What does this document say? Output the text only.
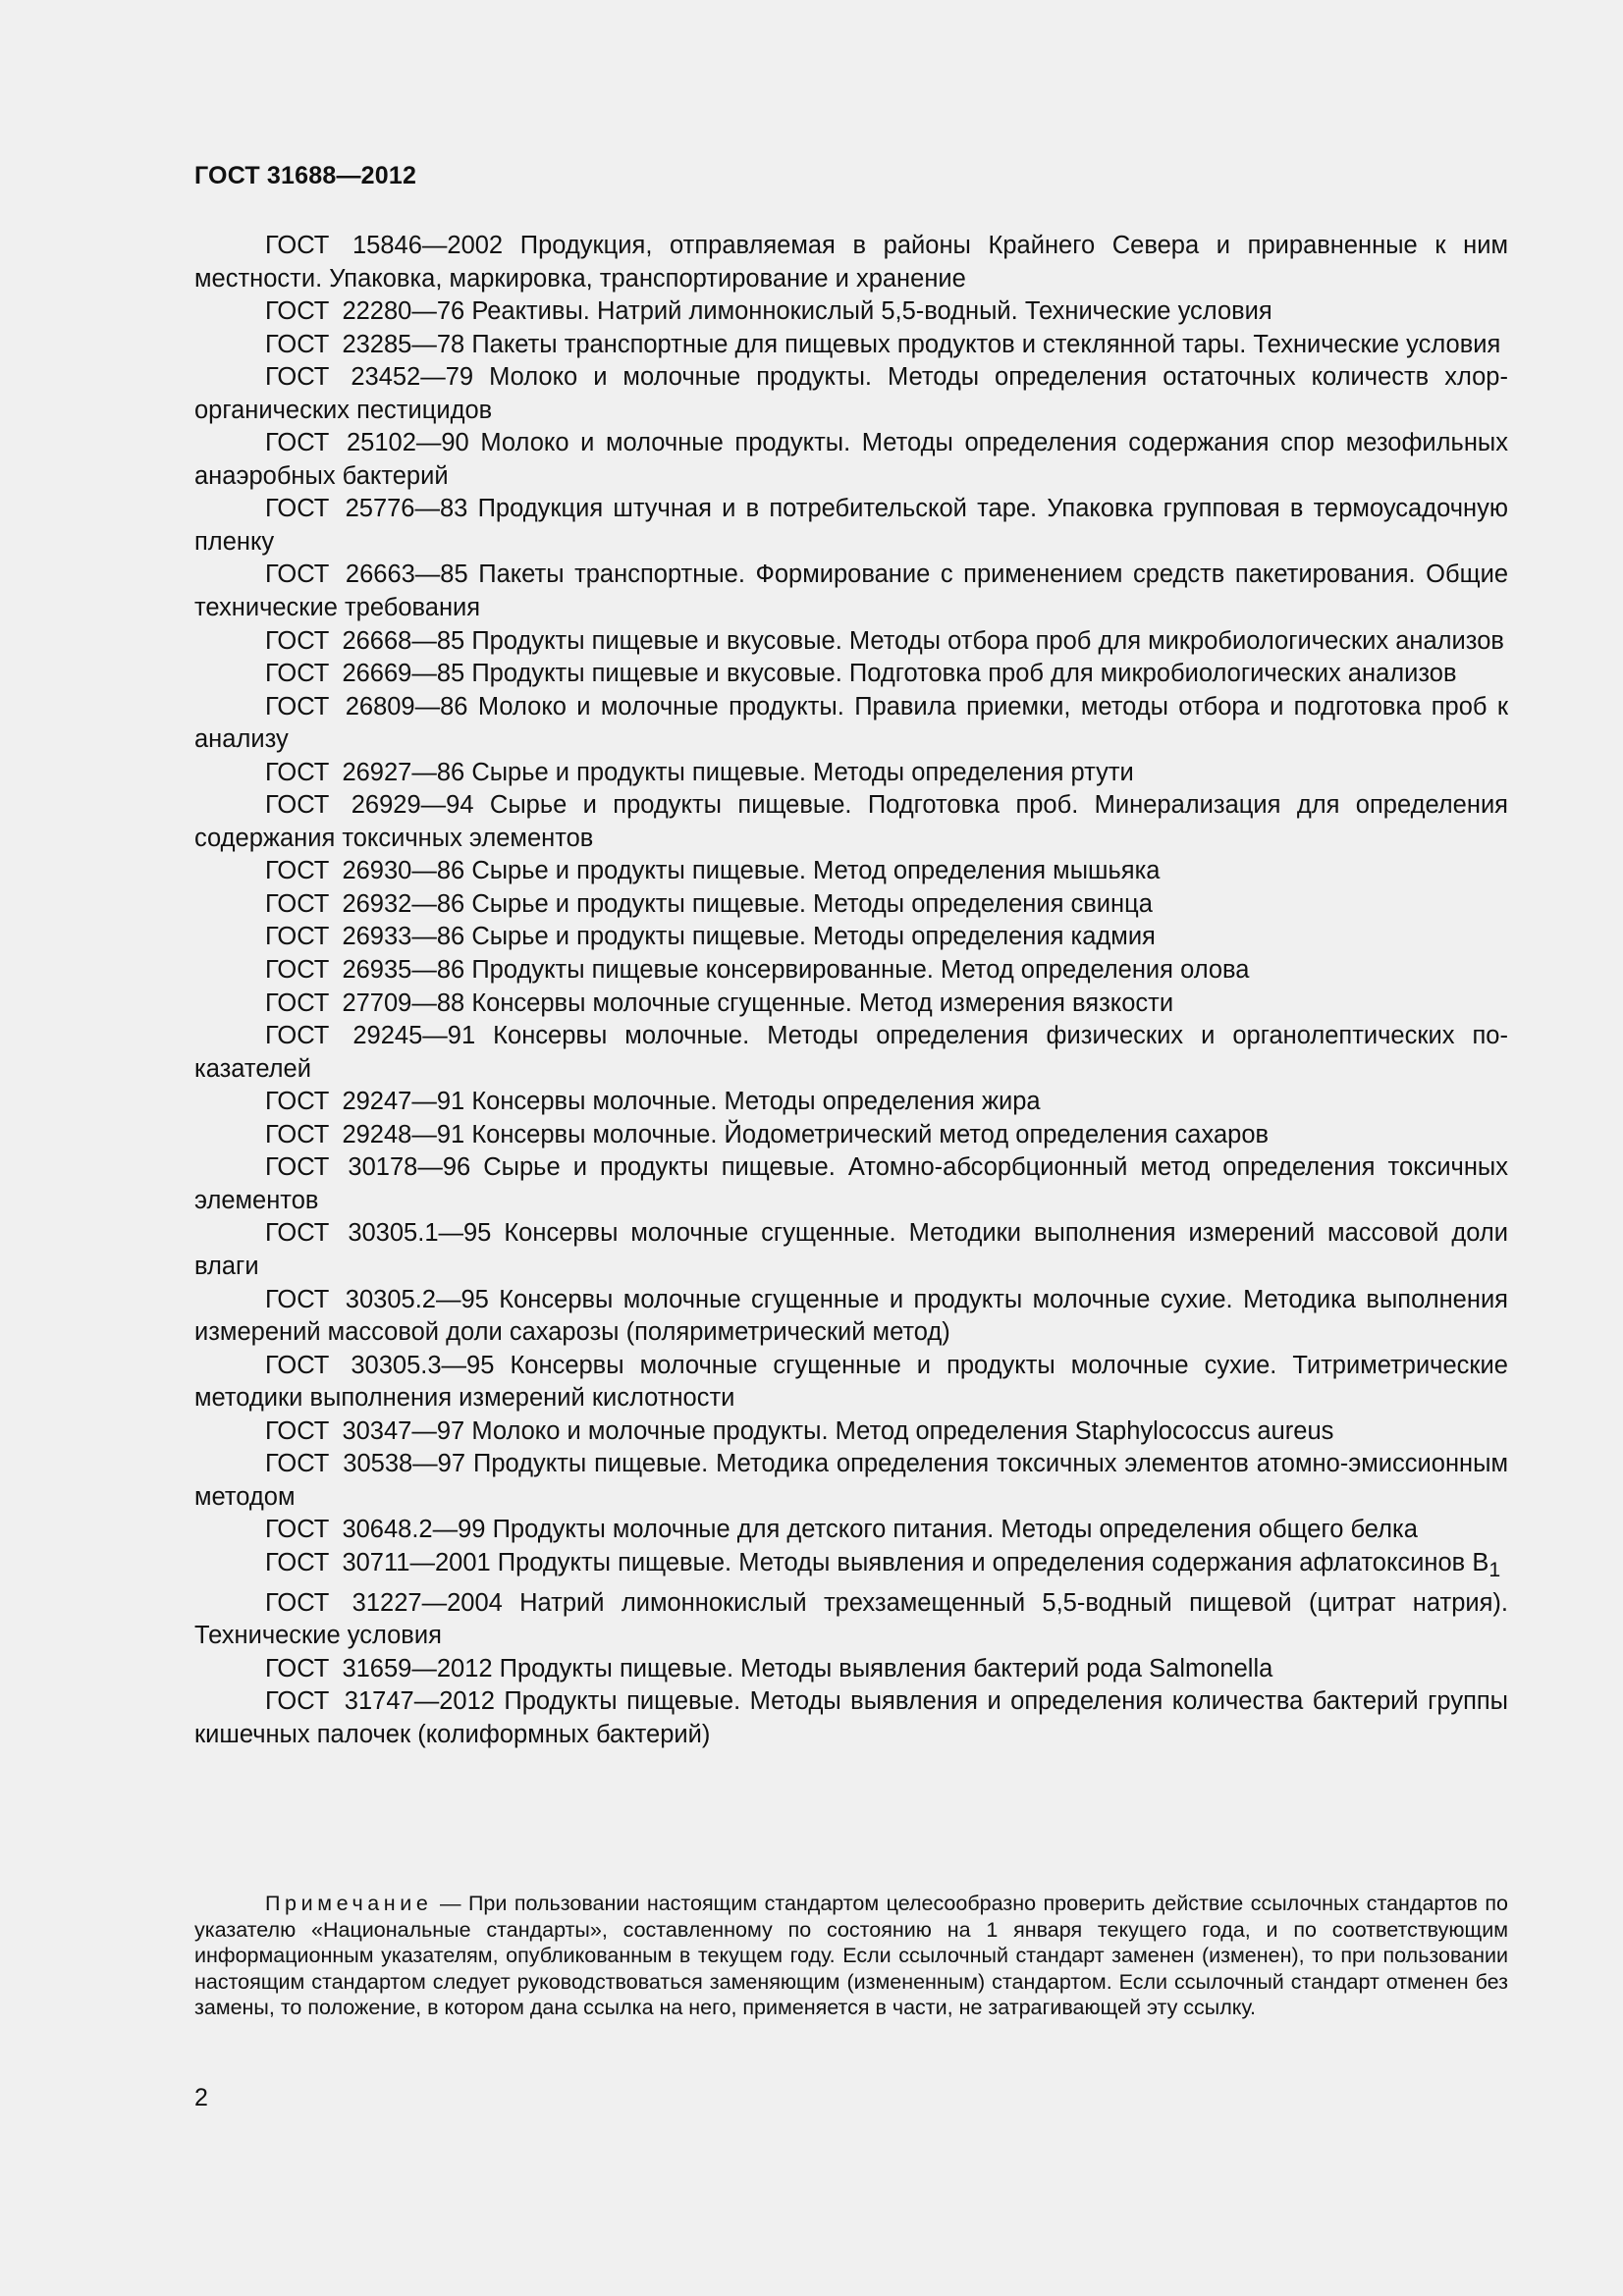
ГОСТ 31688—2012
ГОСТ 15846—2002 Продукция, отправляемая в районы Крайнего Севера и приравненные к ним местности. Упаковка, маркировка, транспортирование и хранение
ГОСТ 22280—76 Реактивы. Натрий лимоннокислый 5,5-водный. Технические условия
ГОСТ 23285—78 Пакеты транспортные для пищевых продуктов и стеклянной тары. Технические условия
ГОСТ 23452—79 Молоко и молочные продукты. Методы определения остаточных количеств хлорорганических пестицидов
ГОСТ 25102—90 Молоко и молочные продукты. Методы определения содержания спор мезофильных анаэробных бактерий
ГОСТ 25776—83 Продукция штучная и в потребительской таре. Упаковка групповая в термоусадочную пленку
ГОСТ 26663—85 Пакеты транспортные. Формирование с применением средств пакетирования. Общие технические требования
ГОСТ 26668—85 Продукты пищевые и вкусовые. Методы отбора проб для микробиологических анализов
ГОСТ 26669—85 Продукты пищевые и вкусовые. Подготовка проб для микробиологических анализов
ГОСТ 26809—86 Молоко и молочные продукты. Правила приемки, методы отбора и подготовка проб к анализу
ГОСТ 26927—86 Сырье и продукты пищевые. Методы определения ртути
ГОСТ 26929—94 Сырье и продукты пищевые. Подготовка проб. Минерализация для определения содержания токсичных элементов
ГОСТ 26930—86 Сырье и продукты пищевые. Метод определения мышьяка
ГОСТ 26932—86 Сырье и продукты пищевые. Методы определения свинца
ГОСТ 26933—86 Сырье и продукты пищевые. Методы определения кадмия
ГОСТ 26935—86 Продукты пищевые консервированные. Метод определения олова
ГОСТ 27709—88 Консервы молочные сгущенные. Метод измерения вязкости
ГОСТ 29245—91 Консервы молочные. Методы определения физических и органолептических показателей
ГОСТ 29247—91 Консервы молочные. Методы определения жира
ГОСТ 29248—91 Консервы молочные. Йодометрический метод определения сахаров
ГОСТ 30178—96 Сырье и продукты пищевые. Атомно-абсорбционный метод определения токсичных элементов
ГОСТ 30305.1—95 Консервы молочные сгущенные. Методики выполнения измерений массовой доли влаги
ГОСТ 30305.2—95 Консервы молочные сгущенные и продукты молочные сухие. Методика выполнения измерений массовой доли сахарозы (поляриметрический метод)
ГОСТ 30305.3—95 Консервы молочные сгущенные и продукты молочные сухие. Титриметрические методики выполнения измерений кислотности
ГОСТ 30347—97 Молоко и молочные продукты. Метод определения Staphylococcus aureus
ГОСТ 30538—97 Продукты пищевые. Методика определения токсичных элементов атомно-эмиссионным методом
ГОСТ 30648.2—99 Продукты молочные для детского питания. Методы определения общего белка
ГОСТ 30711—2001 Продукты пищевые. Методы выявления и определения содержания афлатоксинов $B_1$
ГОСТ 31227—2004 Натрий лимоннокислый трехзамещенный 5,5-водный пищевой (цитрат натрия). Технические условия
ГОСТ 31659—2012 Продукты пищевые. Методы выявления бактерий рода Salmonella
ГОСТ 31747—2012 Продукты пищевые. Методы выявления и определения количества бактерий группы кишечных палочек (колиформных бактерий)
Примечание — При пользовании настоящим стандартом целесообразно проверить действие ссылочных стандартов по указателю «Национальные стандарты», составленному по состоянию на 1 января текущего года, и по соответствующим информационным указателям, опубликованным в текущем году. Если ссылочный стандарт заменен (изменен), то при пользовании настоящим стандартом следует руководствоваться заменяющим (измененным) стандартом. Если ссылочный стандарт отменен без замены, то положение, в котором дана ссылка на него, применяется в части, не затрагивающей эту ссылку.
2
